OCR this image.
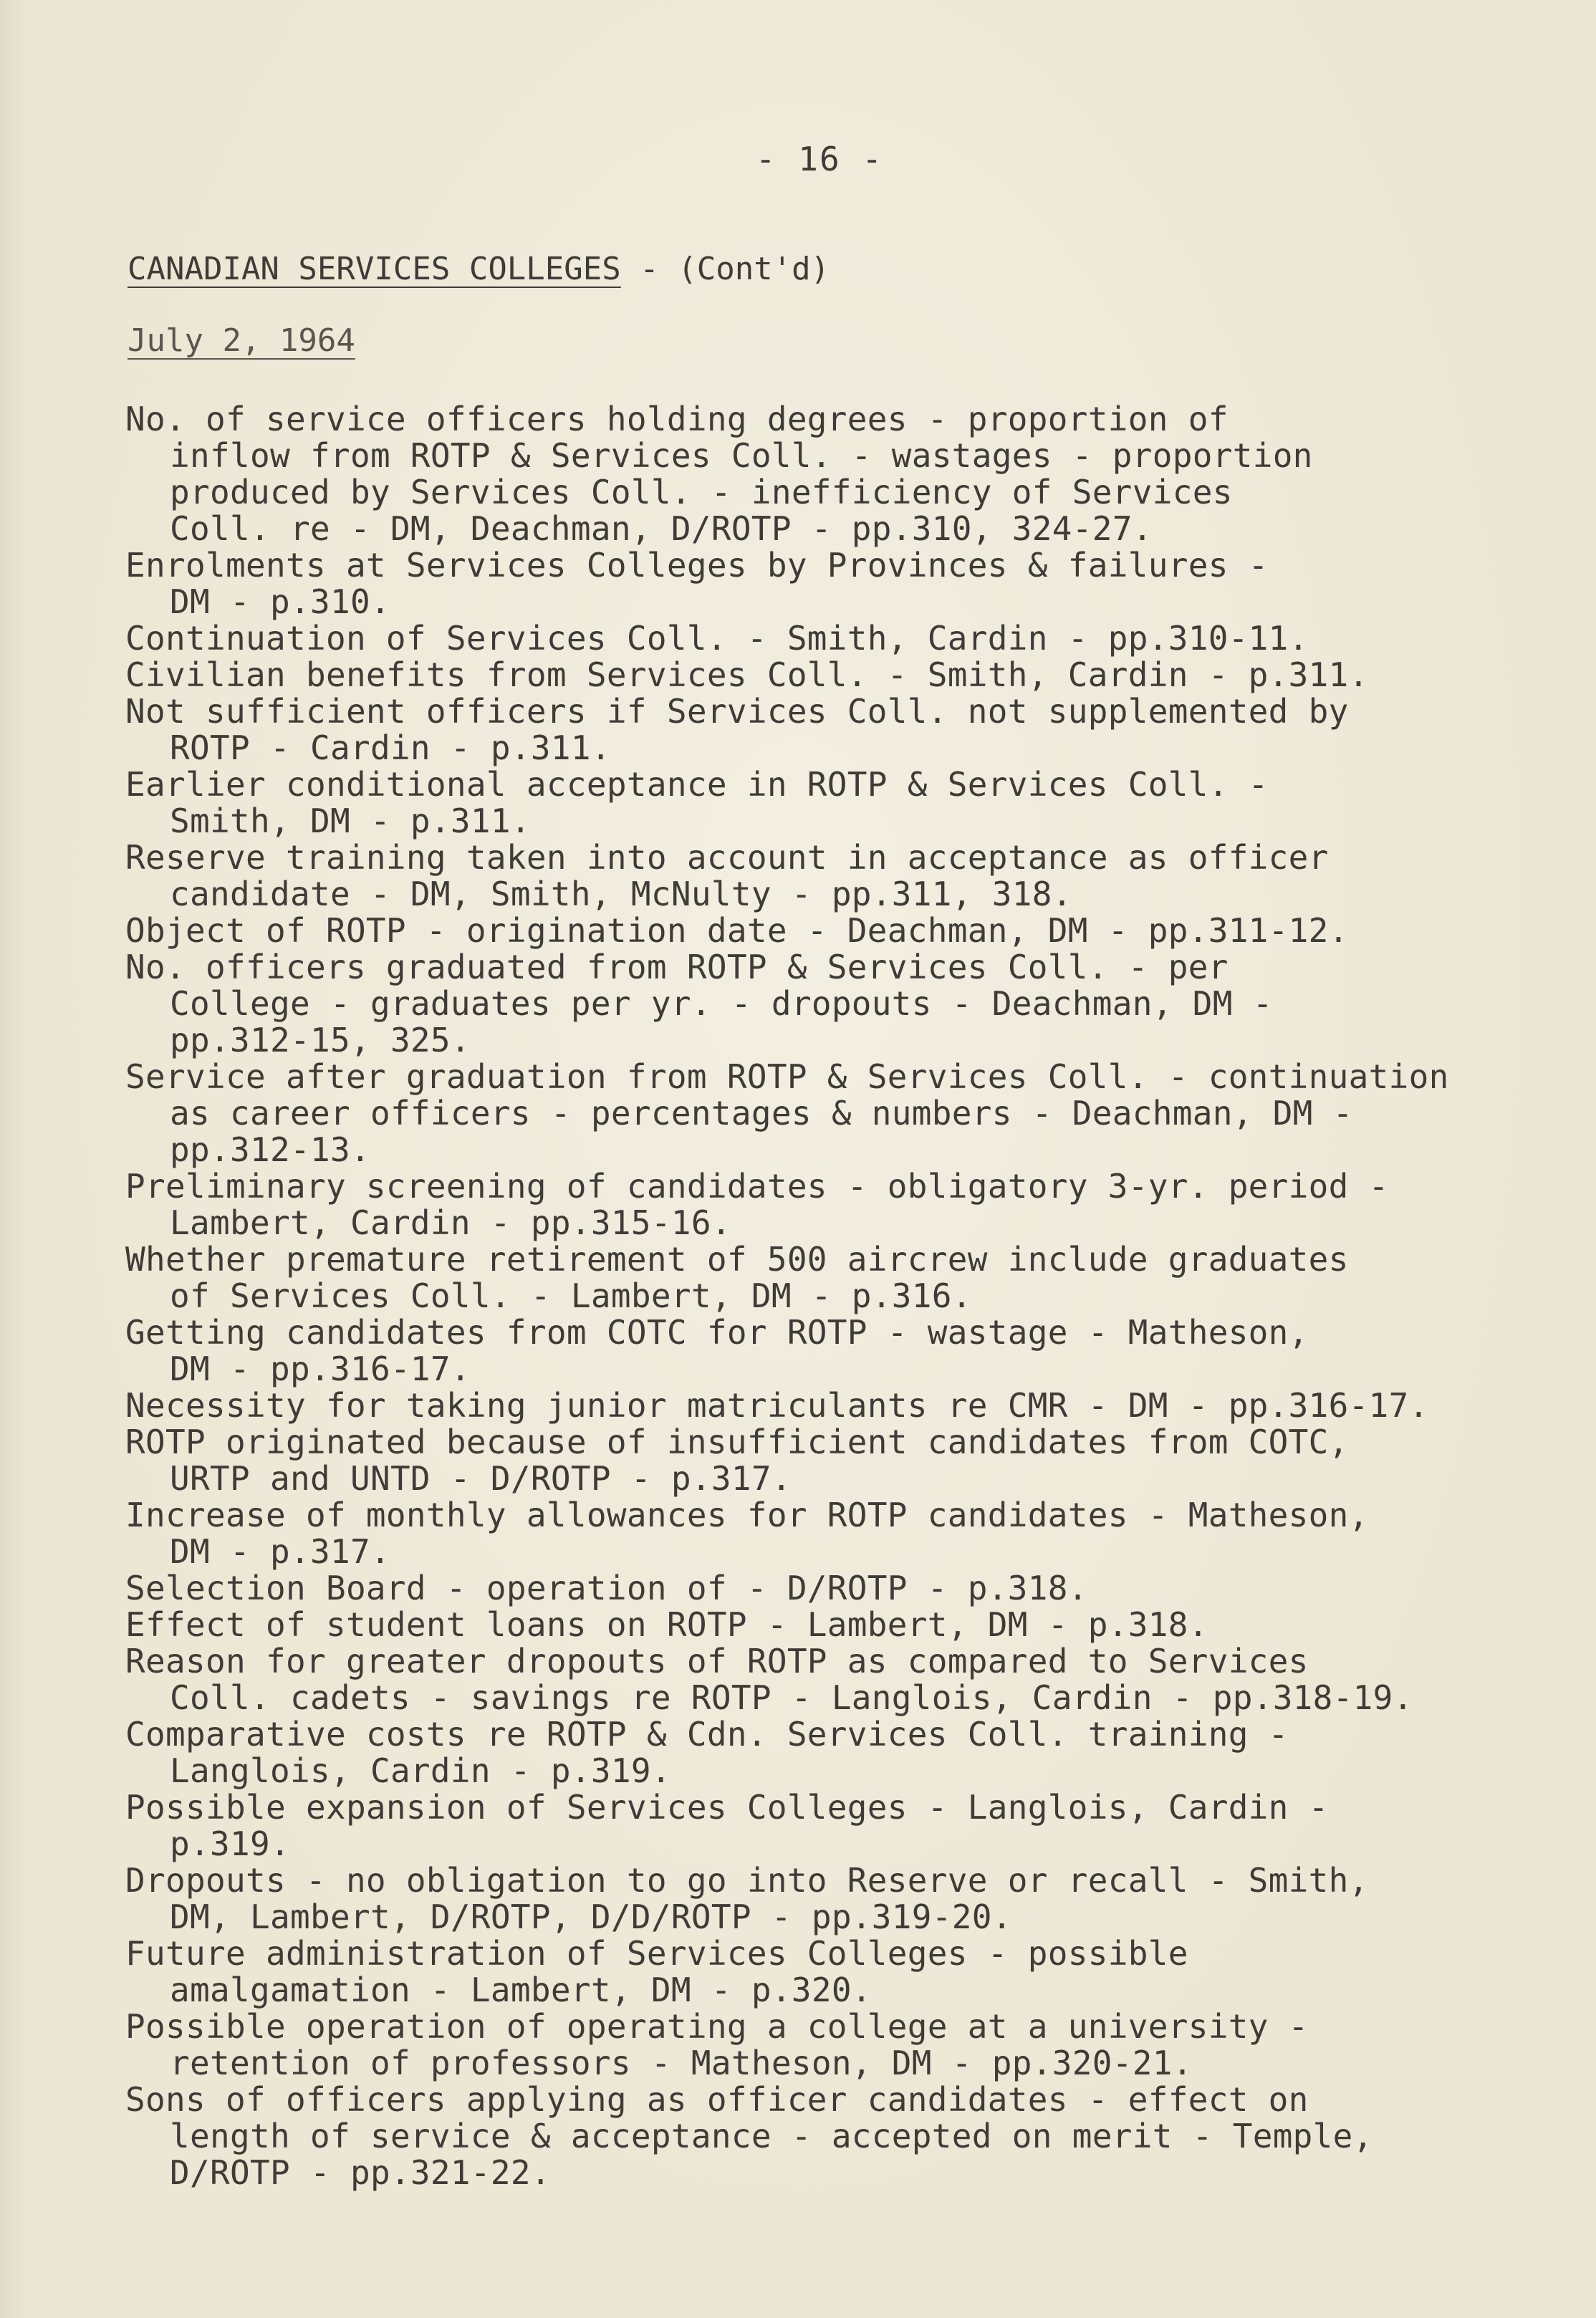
- 16 -
CANADIAN SERVICES COLLEGES - (Cont'd)
July 2, 1964
No. of service officers holding degrees - proportion of
inflow from ROTP & Services Coll. - wastages - proportion
produced by Services Coll. - inefficiency of Services
Coll. re - DM, Deachman, D/ROTP - pp.310, 324-27.
Enrolments at Services Colleges by Provinces & failures -
DM - p.310.
Continuation of Services Coll. - Smith, Cardin - pp.310-11.
Civilian benefits from Services Coll. - Smith, Cardin - p.311.
Not sufficient officers if Services Coll. not supplemented by
ROTP - Cardin - p.311.
Earlier conditional acceptance in ROTP & Services Coll. -
Smith, DM - p.311.
Reserve training taken into account in acceptance as officer
candidate - DM, Smith, McNulty - pp.311, 318.
Object of ROTP - origination date - Deachman, DM - pp.311-12.
No. officers graduated from ROTP & Services Coll. - per
College - graduates per yr. - dropouts - Deachman, DM -
pp.312-15, 325.
Service after graduation from ROTP & Services Coll. - continuation
as career officers - percentages & numbers - Deachman, DM -
pp.312-13.
Preliminary screening of candidates - obligatory 3-yr. period -
Lambert, Cardin - pp.315-16.
Whether premature retirement of 500 aircrew include graduates
of Services Coll. - Lambert, DM - p.316.
Getting candidates from COTC for ROTP - wastage - Matheson,
DM - pp.316-17.
Necessity for taking junior matriculants re CMR - DM - pp.316-17.
ROTP originated because of insufficient candidates from COTC,
URTP and UNTD - D/ROTP - p.317.
Increase of monthly allowances for ROTP candidates - Matheson,
DM - p.317.
Selection Board - operation of - D/ROTP - p.318.
Effect of student loans on ROTP - Lambert, DM - p.318.
Reason for greater dropouts of ROTP as compared to Services
Coll. cadets - savings re ROTP - Langlois, Cardin - pp.318-19.
Comparative costs re ROTP & Cdn. Services Coll. training -
Langlois, Cardin - p.319.
Possible expansion of Services Colleges - Langlois, Cardin -
p.319.
Dropouts - no obligation to go into Reserve or recall - Smith,
DM, Lambert, D/ROTP, D/D/ROTP - pp.319-20.
Future administration of Services Colleges - possible
amalgamation - Lambert, DM - p.320.
Possible operation of operating a college at a university -
retention of professors - Matheson, DM - pp.320-21.
Sons of officers applying as officer candidates - effect on
length of service & acceptance - accepted on merit - Temple,
D/ROTP - pp.321-22.
